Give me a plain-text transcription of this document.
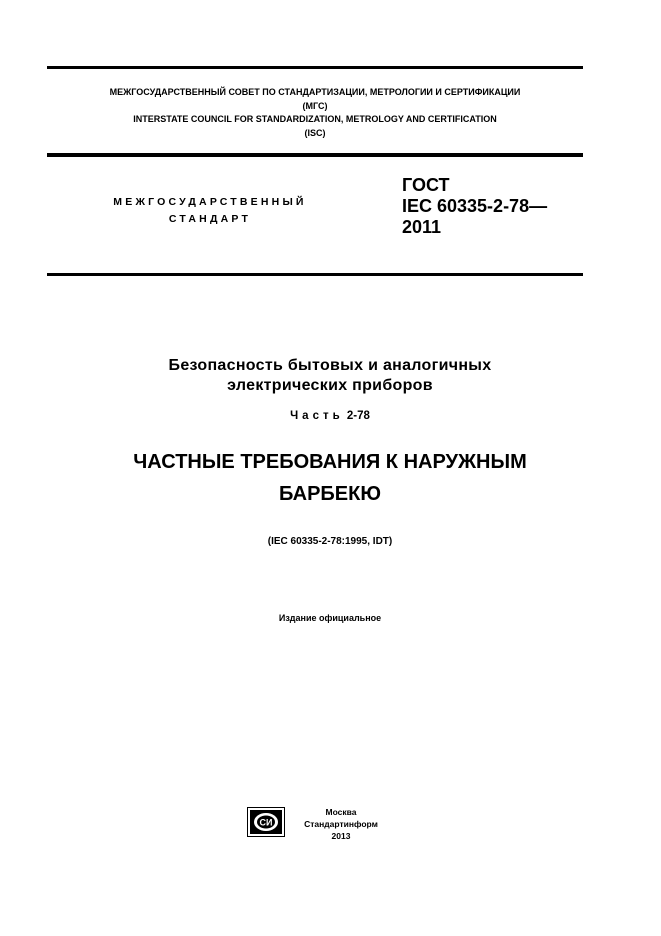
МЕЖГОСУДАРСТВЕННЫЙ СОВЕТ ПО СТАНДАРТИЗАЦИИ, МЕТРОЛОГИИ И СЕРТИФИКАЦИИ
(МГС)
INTERSTATE COUNCIL FOR STANDARDIZATION, METROLOGY AND CERTIFICATION
(ISC)
МЕЖГОСУДАРСТВЕННЫЙ
СТАНДАРТ
ГОСТ
IEC 60335-2-78—
2011
Безопасность бытовых и аналогичных
электрических приборов
Часть 2-78
ЧАСТНЫЕ ТРЕБОВАНИЯ К НАРУЖНЫМ
БАРБЕКЮ
(IEC 60335-2-78:1995, IDT)
Издание официальное
СИ
Москва
Стандартинформ
2013
